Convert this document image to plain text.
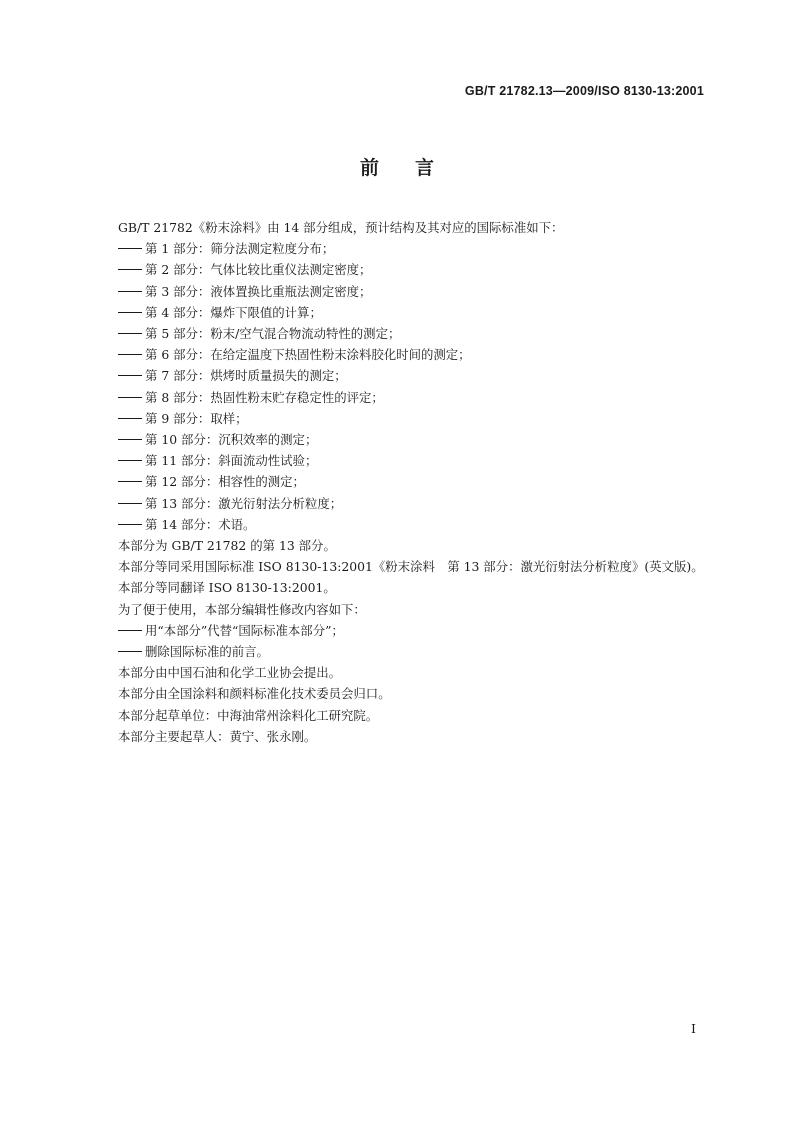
GB/T 21782.13—2009/ISO 8130-13:2001
前 言

GB/T 21782《粉末涂料》由 14 部分组成，预计结构及其对应的国际标准如下：

第 1 部分：筛分法测定粒度分布；

第 2 部分：气体比较比重仪法测定密度；

第 3 部分：液体置换比重瓶法测定密度；

第 4 部分：爆炸下限值的计算；

第 5 部分：粉末/空气混合物流动特性的测定；

第 6 部分：在给定温度下热固性粉末涂料胶化时间的测定；

第 7 部分：烘烤时质量损失的测定；

第 8 部分：热固性粉末贮存稳定性的评定；

第 9 部分：取样；

第 10 部分：沉积效率的测定；

第 11 部分：斜面流动性试验；

第 12 部分：相容性的测定；

第 13 部分：激光衍射法分析粒度；

第 14 部分：术语。

本部分为 GB/T 21782 的第 13 部分。

本部分等同采用国际标准 ISO 8130-13:2001《粉末涂料　第 13 部分：激光衍射法分析粒度》(英文版)。

本部分等同翻译 ISO 8130-13:2001。

为了便于使用，本部分编辑性修改内容如下：

用“本部分”代替“国际标准本部分”；

删除国际标准的前言。

本部分由中国石油和化学工业协会提出。

本部分由全国涂料和颜料标准化技术委员会归口。

本部分起草单位：中海油常州涂料化工研究院。

本部分主要起草人：黄宁、张永刚。

I
